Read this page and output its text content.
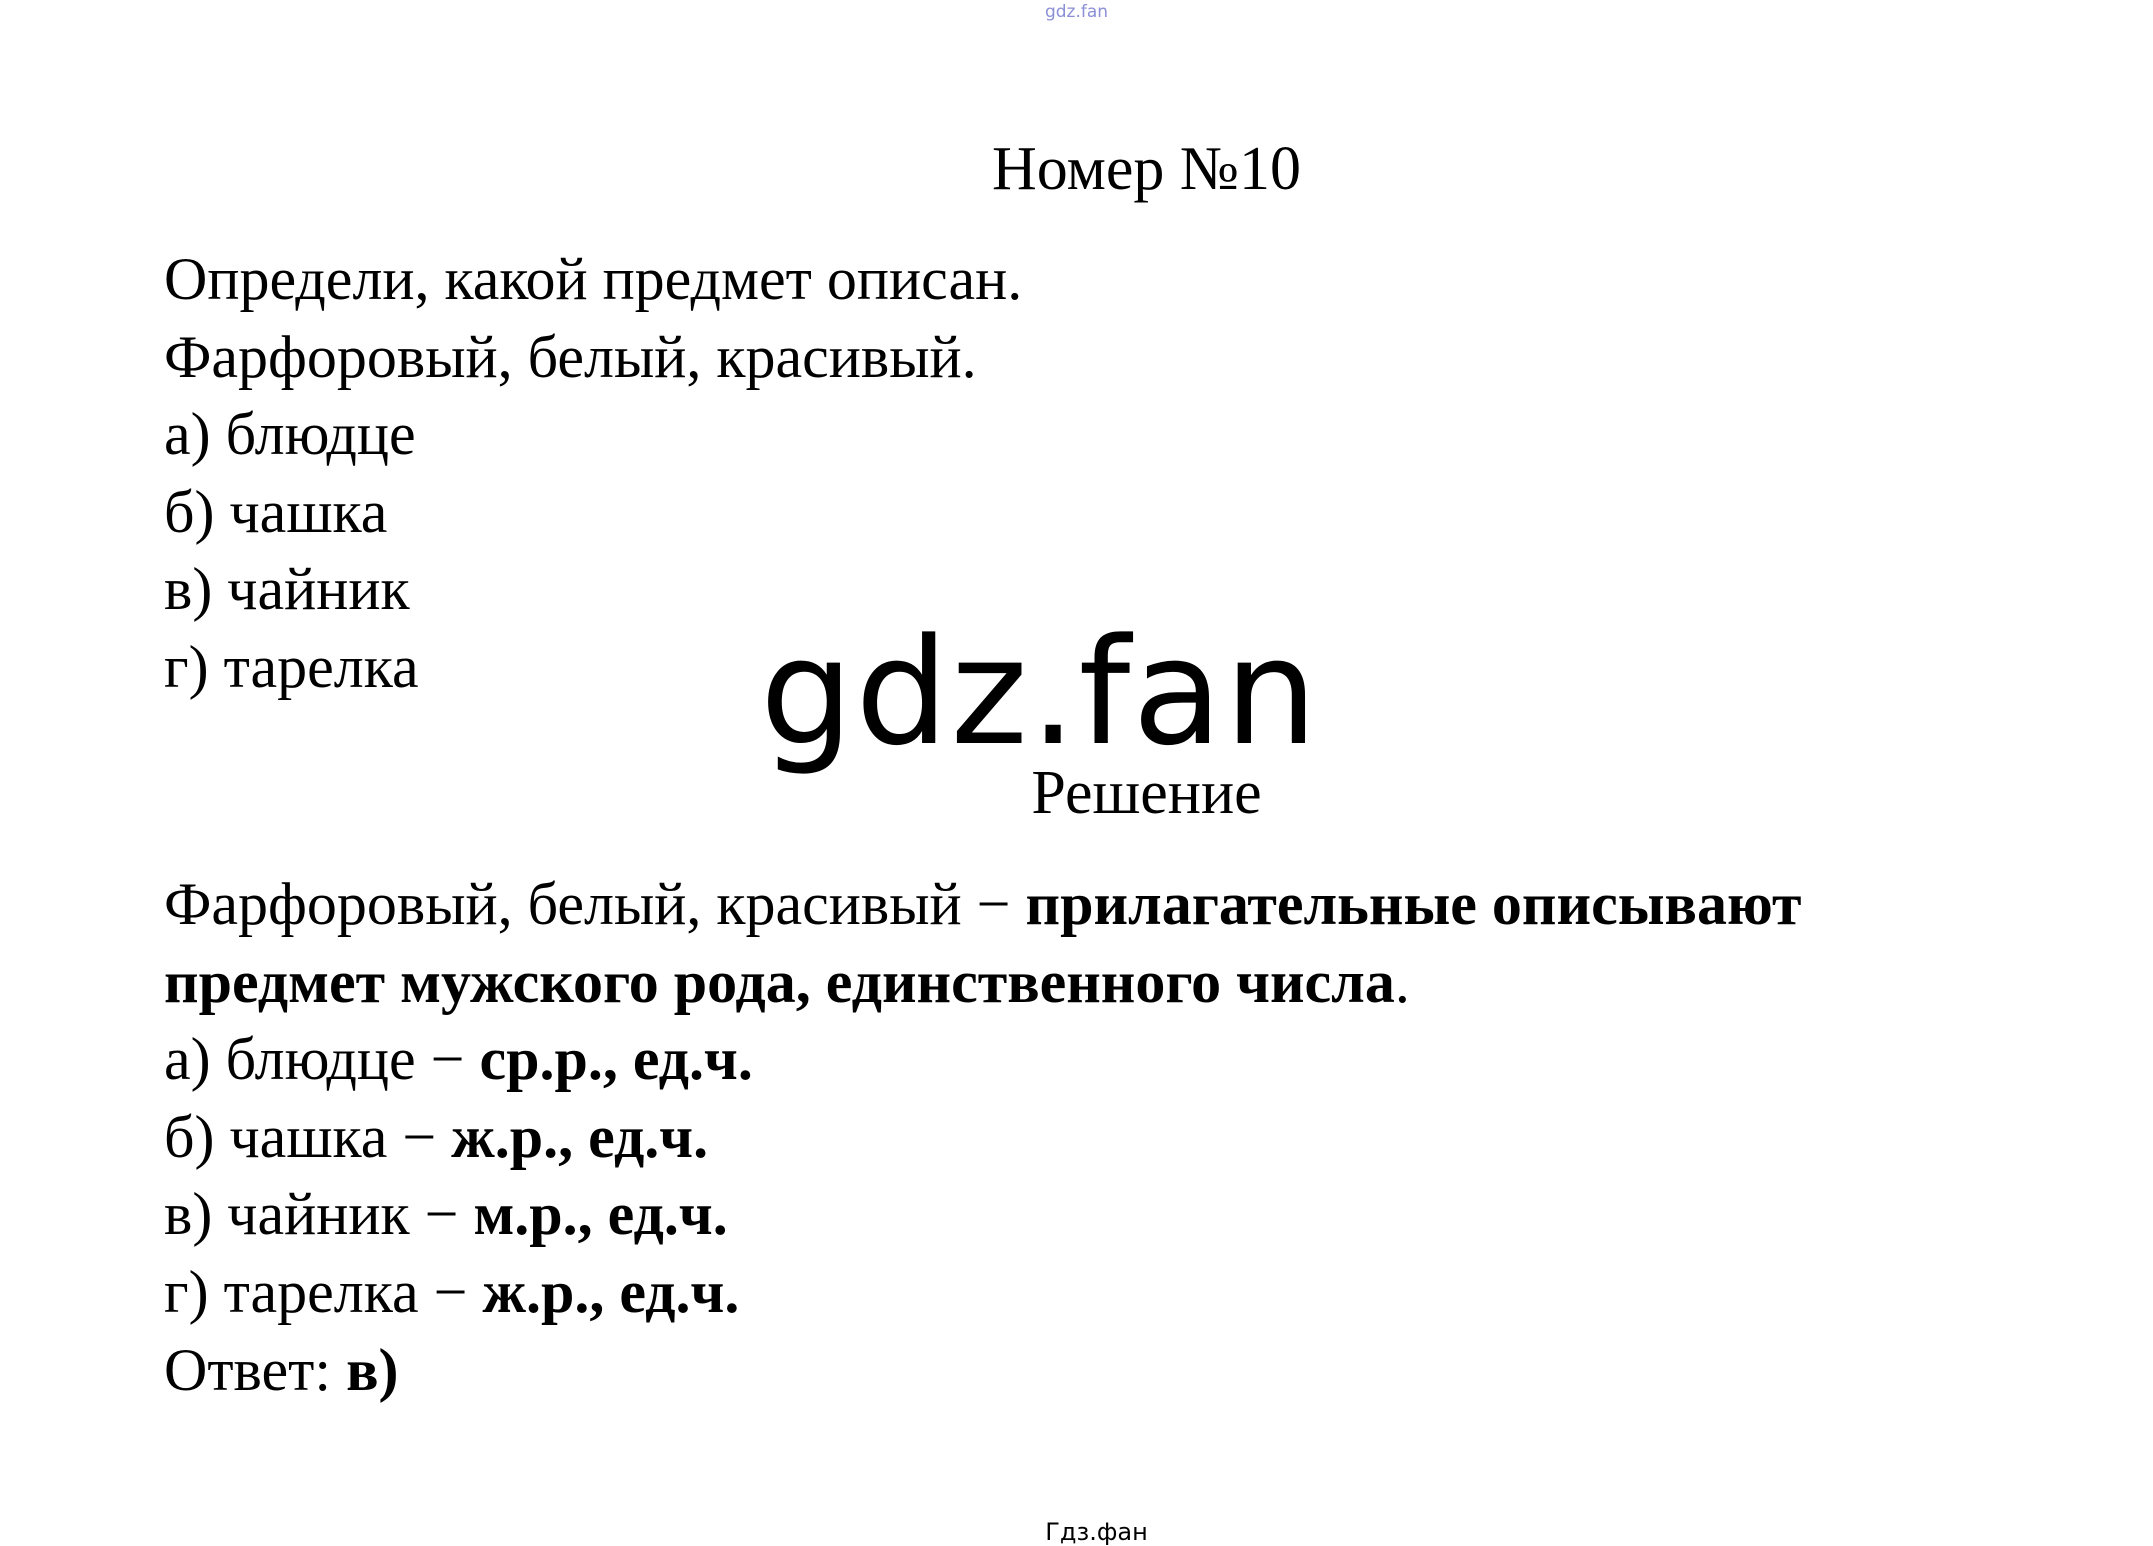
gdz.fan
Номер №10
Определи, какой предмет описан.
Фарфоровый, белый, красивый.
а) блюдце
б) чашка
в) чайник
г) тарелка	gdz.fan
Решение
Фарфоровый, белый, красивый − прилагательные описывают
предмет мужского рода, единственного числа.
а) блюдце − ср.р., ед.ч.
б) чашка − ж.р., ед.ч.
в) чайник − м.р., ед.ч.
г) тарелка − ж.р., ед.ч.
Ответ: в)
Гдз.фан
